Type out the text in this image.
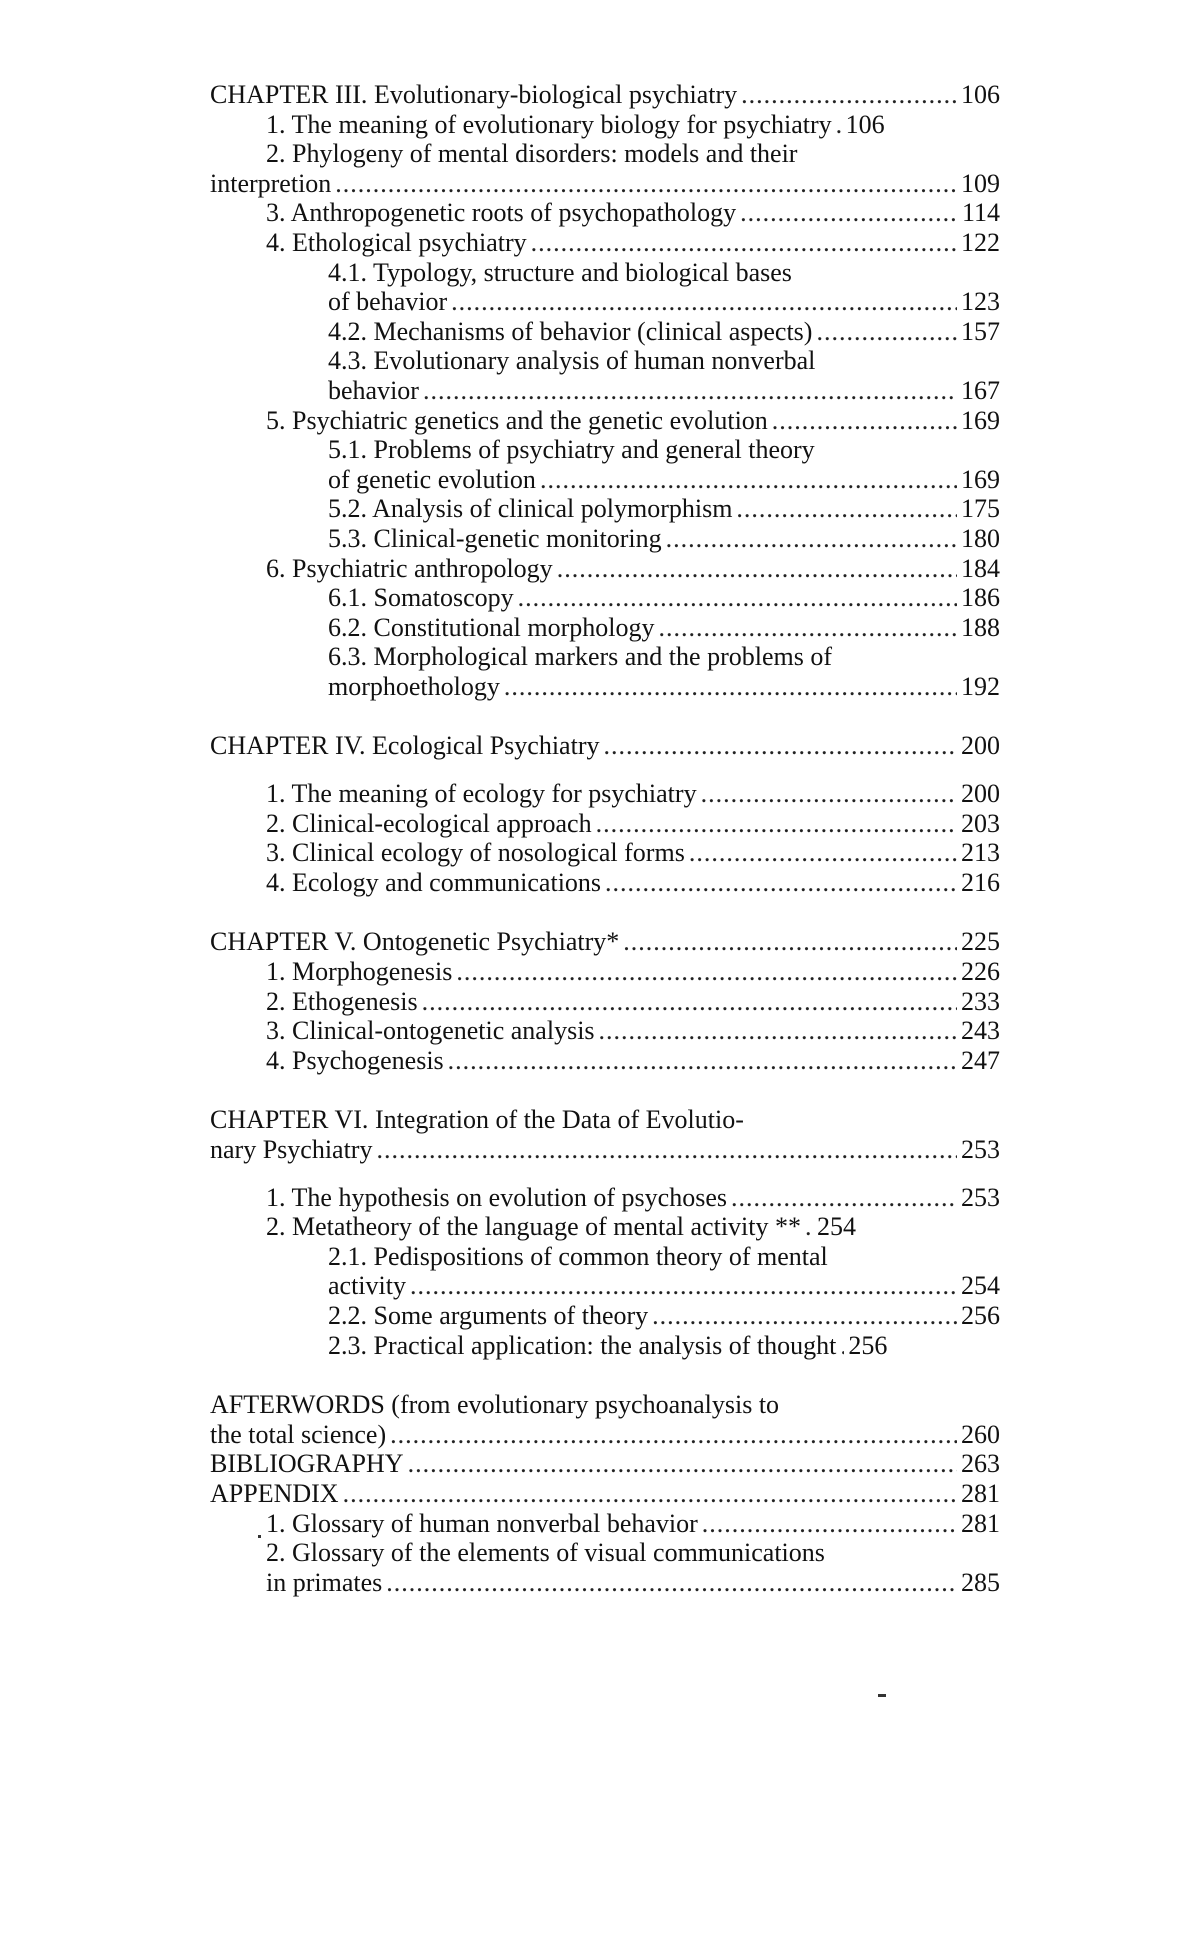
CHAPTER III. Evolutionary-biological psychiatry .....	106
1. The meaning of evolutionary biology for psychiatry ..... 106
2. Phylogeny of mental disorders: models and their
interpretion .....	109
3. Anthropogenetic roots of psychopathology .....	114
4. Ethological psychiatry .....	122
4.1. Typology, structure and biological bases
of behavior .....	123
4.2. Mechanisms of behavior (clinical aspects) .....	157
4.3. Evolutionary analysis of human nonverbal
behavior .....	167
5. Psychiatric genetics and the genetic evolution .....	169
5.1. Problems of psychiatry and general theory
of genetic evolution .....	169
5.2. Analysis of clinical polymorphism .....	175
5.3. Clinical-genetic monitoring .....	180
6. Psychiatric anthropology .....	184
6.1. Somatoscopy .....	186
6.2. Constitutional morphology .....	188
6.3. Morphological markers and the problems of
morphoethology .....	192
CHAPTER IV. Ecological Psychiatry .....	200
1. The meaning of ecology for psychiatry .....	200
2. Clinical-ecological approach .....	203
3. Clinical ecology of nosological forms .....	213
4. Ecology and communications .....	216
CHAPTER V. Ontogenetic Psychiatry* .....	225
1. Morphogenesis .....	226
2. Ethogenesis .....	233
3. Clinical-ontogenetic analysis .....	243
4. Psychogenesis .....	247
CHAPTER VI. Integration of the Data of Evolutio-
nary Psychiatry .....	253
1. The hypothesis on evolution of psychoses .....	253
2. Metatheory of the language of mental activity ** ..... 254
2.1. Pedispositions of common theory of mental
activity .....	254
2.2. Some arguments of theory .....	256
2.3. Practical application: the analysis of thought ..... 256
AFTERWORDS (from evolutionary psychoanalysis to
the total science) .....	260
BIBLIOGRAPHY .....	263
APPENDIX .....	281
1. Glossary of human nonverbal behavior .....	281
2. Glossary of the elements of visual communications
in primates .....	285
